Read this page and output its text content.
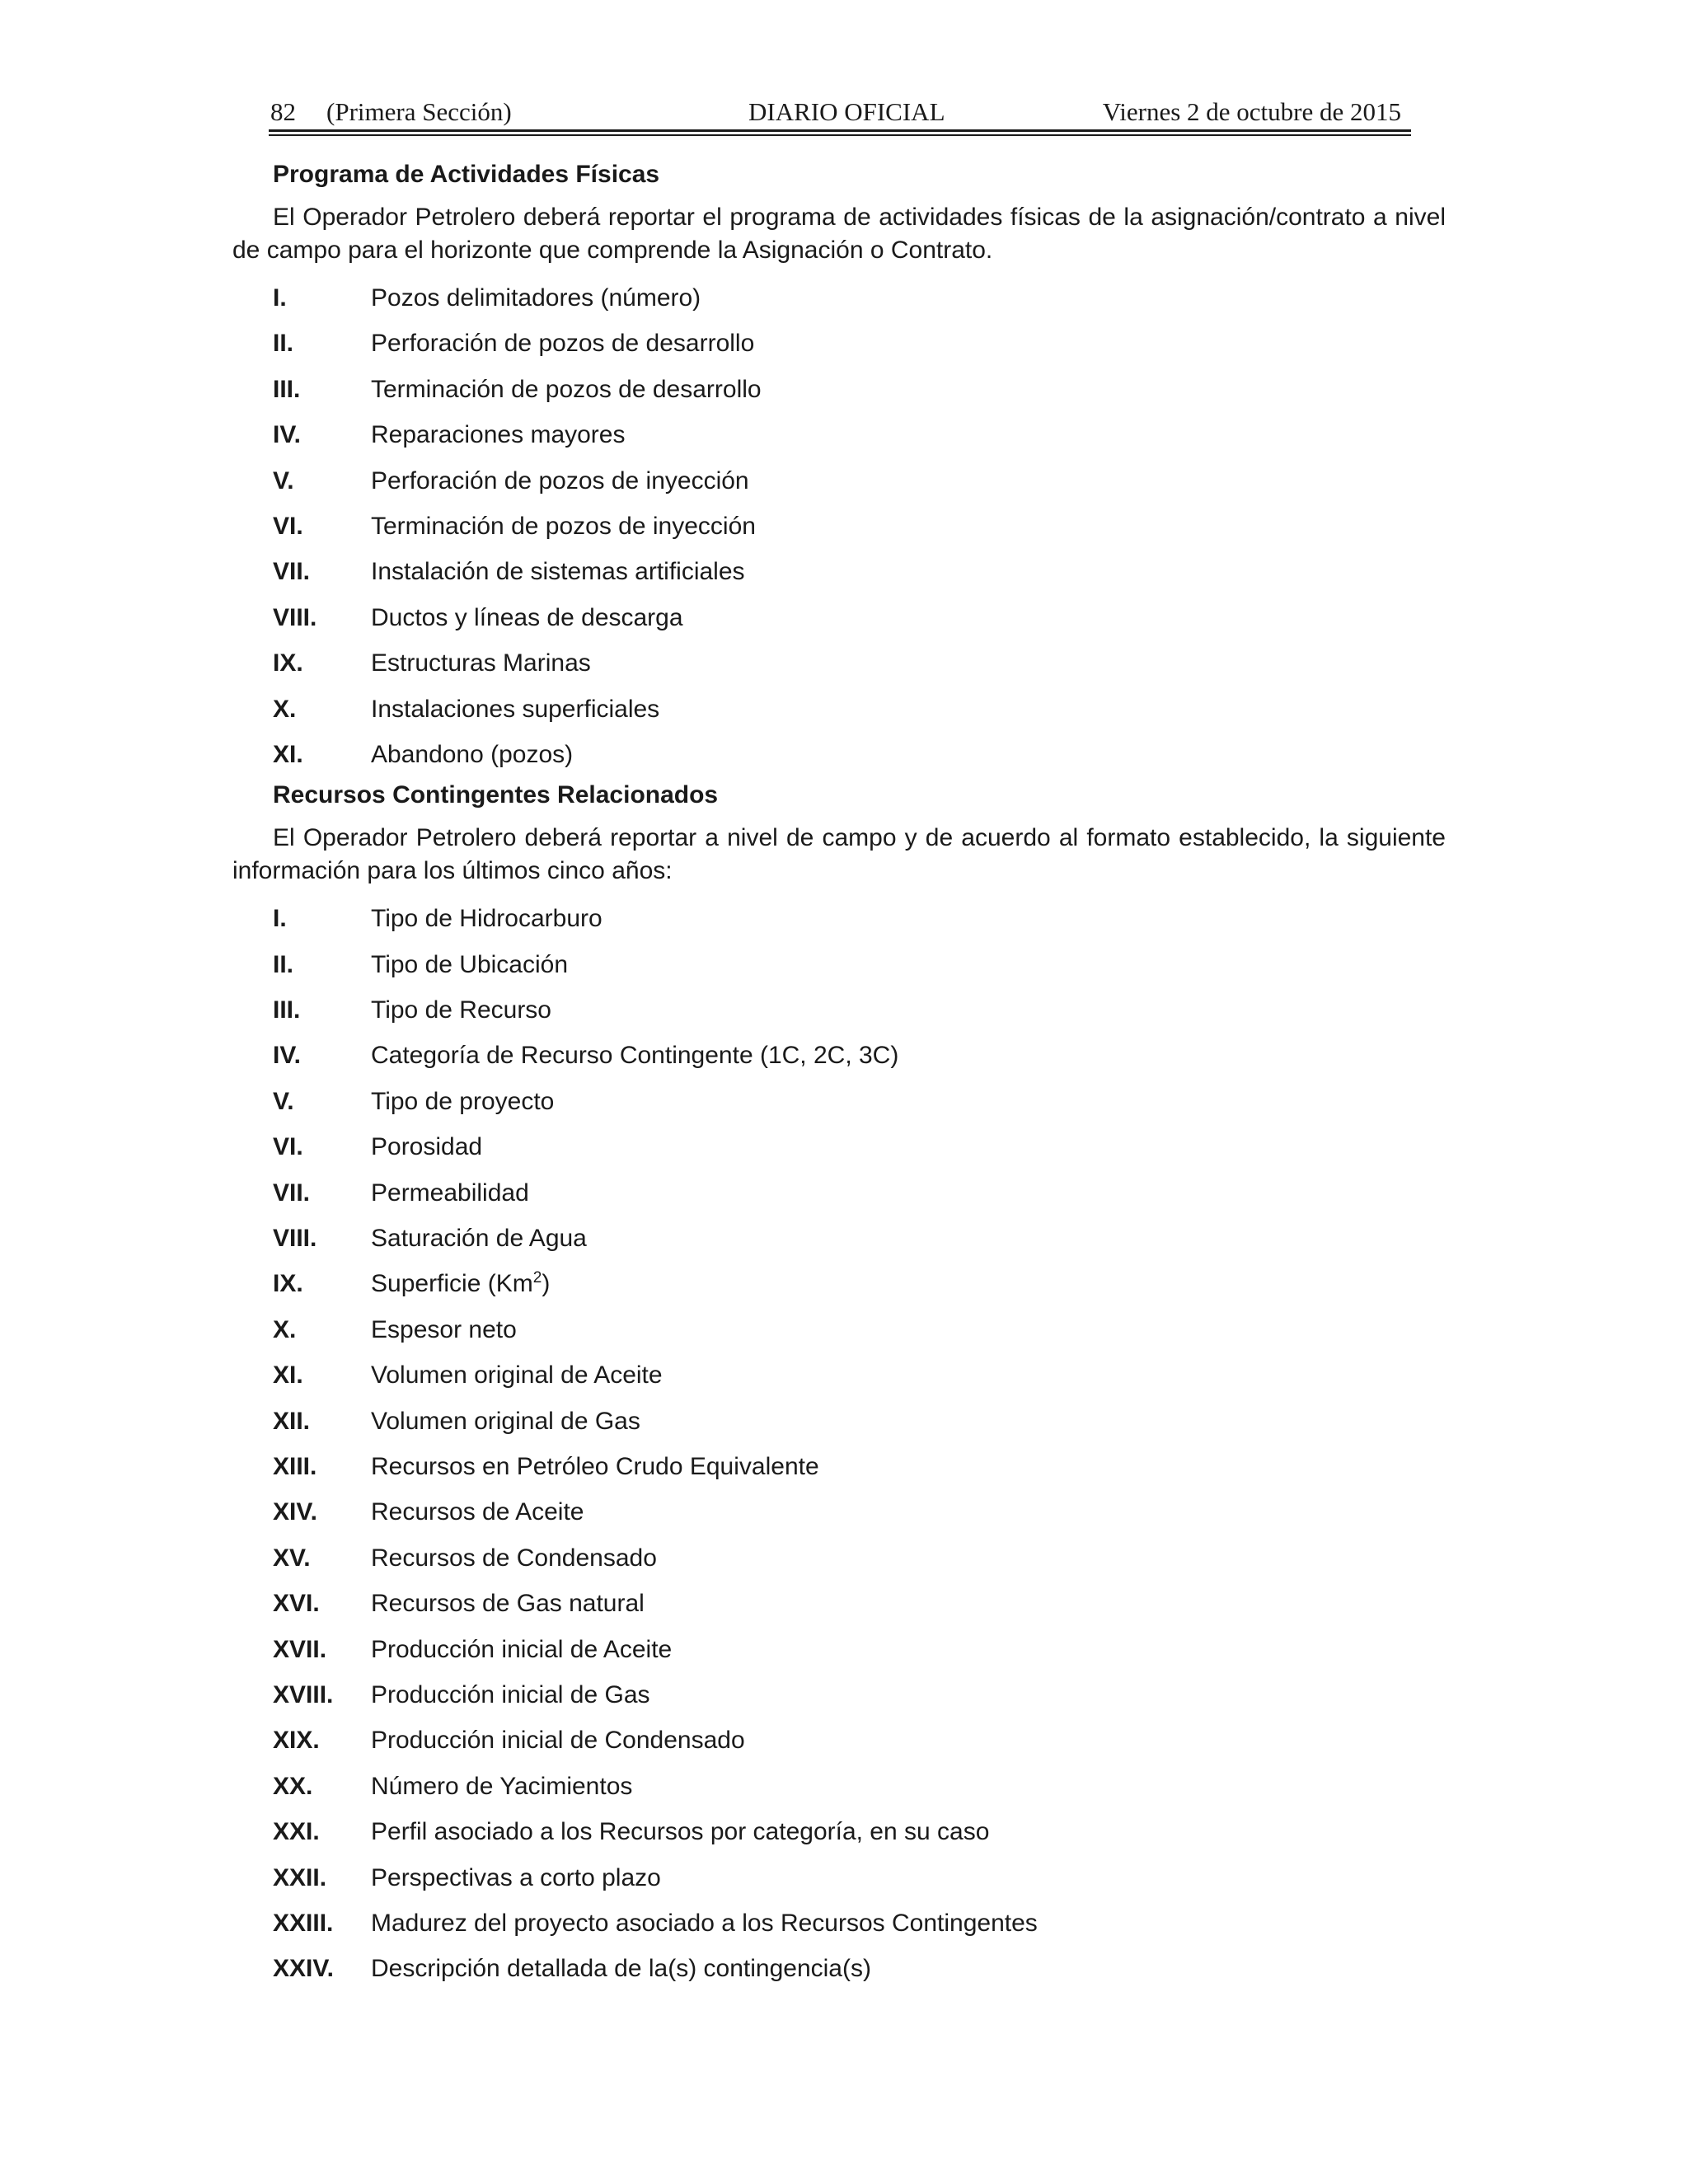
82 (Primera Sección)	DIARIO OFICIAL	Viernes 2 de octubre de 2015
Programa de Actividades Físicas

El Operador Petrolero deberá reportar el programa de actividades físicas de la asignación/contrato a nivel de campo para el horizonte que comprende la Asignación o Contrato.

I.	Pozos delimitadores (número)
II.	Perforación de pozos de desarrollo
III.	Terminación de pozos de desarrollo
IV.	Reparaciones mayores
V.	Perforación de pozos de inyección
VI.	Terminación de pozos de inyección
VII. Instalación de sistemas artificiales
VIII. Ductos y líneas de descarga
IX.	Estructuras Marinas
X.	Instalaciones superficiales
XI.	Abandono (pozos)
Recursos Contingentes Relacionados

El Operador Petrolero deberá reportar a nivel de campo y de acuerdo al formato establecido, la siguiente información para los últimos cinco años:

I.	Tipo de Hidrocarburo
II.	Tipo de Ubicación
III.	Tipo de Recurso
IV.	Categoría de Recurso Contingente (1C, 2C, 3C)
V.	Tipo de proyecto
VI.	Porosidad
VII. Permeabilidad
VIII. Saturación de Agua
IX.	Superficie (Km$^2$)
X.	Espesor neto
XI.	Volumen original de Aceite
XII. Volumen original de Gas
XIII. Recursos en Petróleo Crudo Equivalente
XIV. Recursos de Aceite
XV. Recursos de Condensado
XVI. Recursos de Gas natural
XVII. Producción inicial de Aceite
XVIII. Producción inicial de Gas
XIX. Producción inicial de Condensado
XX. Número de Yacimientos
XXI. Perfil asociado a los Recursos por categoría, en su caso
XXII. Perspectivas a corto plazo
XXIII. Madurez del proyecto asociado a los Recursos Contingentes
XXIV. Descripción detallada de la(s) contingencia(s)
